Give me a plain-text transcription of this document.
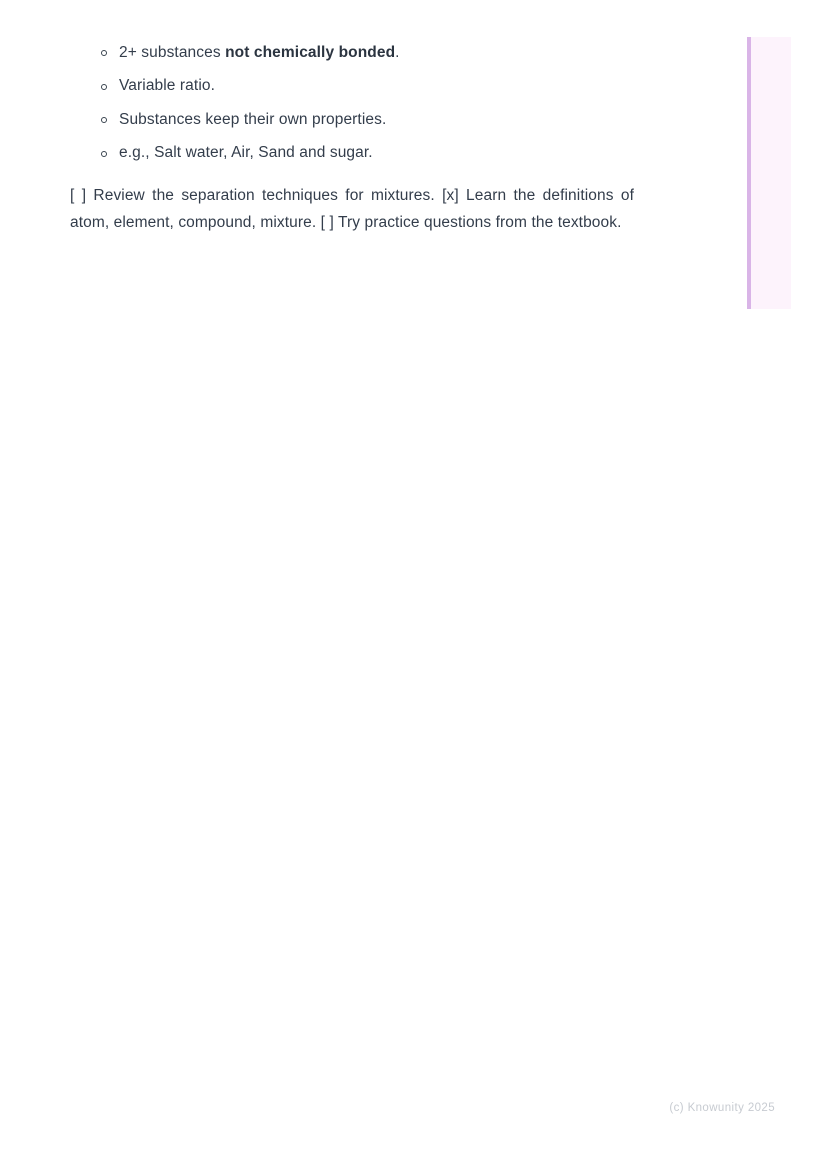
2+ substances not chemically bonded.
Variable ratio.
Substances keep their own properties.
e.g., Salt water, Air, Sand and sugar.

[ ] Review the separation techniques for mixtures. [x] Learn the definitions of atom, element, compound, mixture. [ ] Try practice questions from the textbook.

(c) Knowunity 2025
